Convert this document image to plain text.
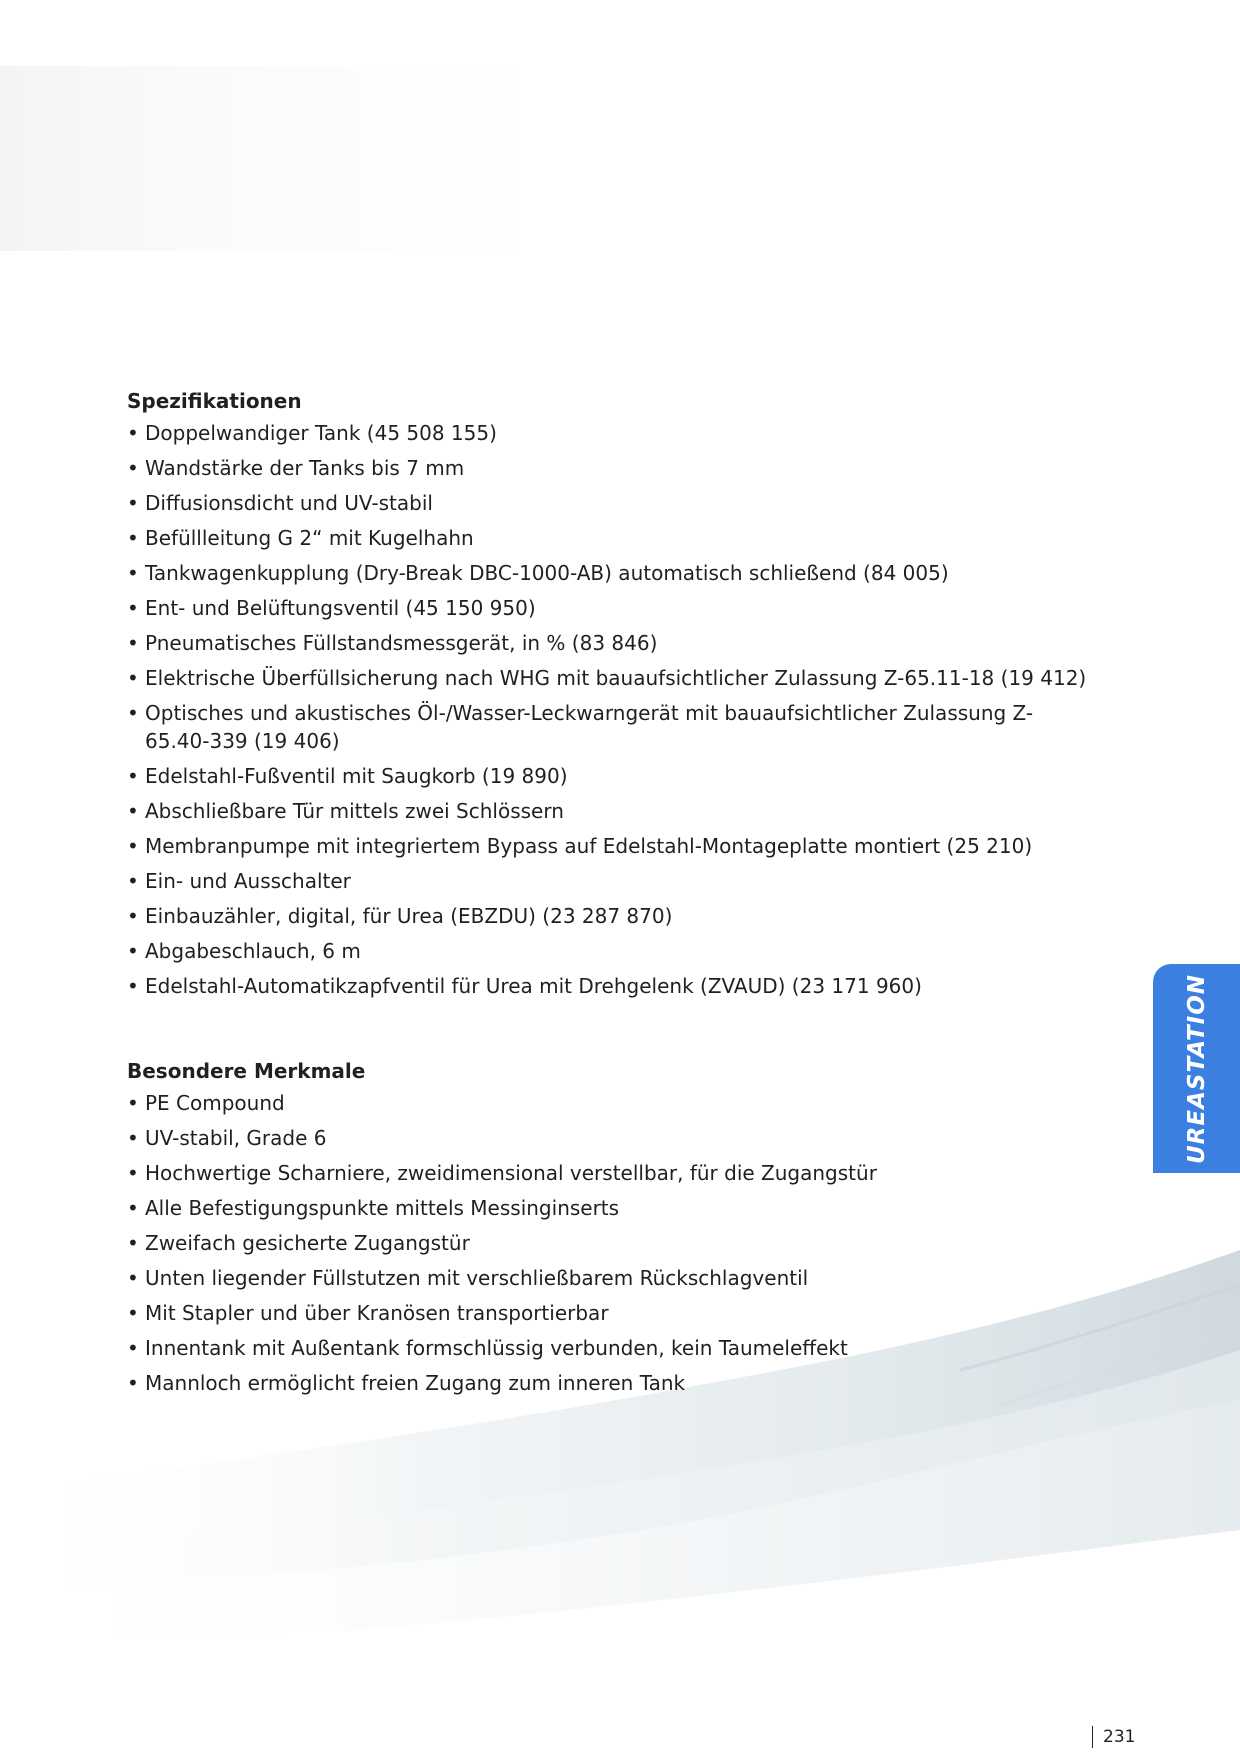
Spezifikationen
• Doppelwandiger Tank (45 508 155)
• Wandstärke der Tanks bis 7 mm
• Diffusionsdicht und UV-stabil
• Befüllleitung G 2“ mit Kugelhahn
• Tankwagenkupplung (Dry-Break DBC-1000-AB) automatisch schließend (84 005)
• Ent- und Belüftungsventil (45 150 950)
• Pneumatisches Füllstandsmessgerät, in % (83 846)
• Elektrische Überfüllsicherung nach WHG mit bauaufsichtlicher Zulassung Z-65.11-18 (19 412)
• Optisches und akustisches Öl-/Wasser-Leckwarngerät mit bauaufsichtlicher Zulassung Z-65.40-339 (19 406)
• Edelstahl-Fußventil mit Saugkorb (19 890)
• Abschließbare Tür mittels zwei Schlössern
• Membranpumpe mit integriertem Bypass auf Edelstahl-Montageplatte montiert (25 210)
• Ein- und Ausschalter
• Einbauzähler, digital, für Urea (EBZDU) (23 287 870)
• Abgabeschlauch, 6 m
• Edelstahl-Automatikzapfventil für Urea mit Drehgelenk (ZVAUD) (23 171 960)
Besondere Merkmale
• PE Compound
• UV-stabil, Grade 6
• Hochwertige Scharniere, zweidimensional verstellbar, für die Zugangstür
• Alle Befestigungspunkte mittels Messinginserts
• Zweifach gesicherte Zugangstür
• Unten liegender Füllstutzen mit verschließbarem Rückschlagventil
• Mit Stapler und über Kranösen transportierbar
• Innentank mit Außentank formschlüssig verbunden, kein Taumeleffekt
• Mannloch ermöglicht freien Zugang zum inneren Tank
UREASTATION
231
